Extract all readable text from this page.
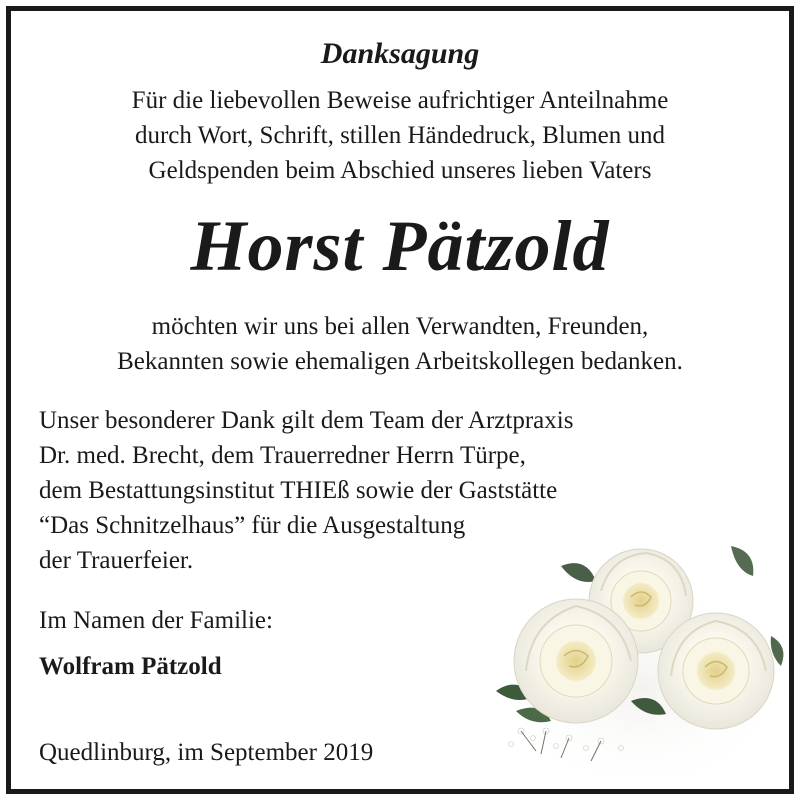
Danksagung
Für die liebevollen Beweise aufrichtiger Anteilnahme
durch Wort, Schrift, stillen Händedruck, Blumen und
Geldspenden beim Abschied unseres lieben Vaters
Horst Pätzold
möchten wir uns bei allen Verwandten, Freunden,
Bekannten sowie ehemaligen Arbeitskollegen bedanken.
Unser besonderer Dank gilt dem Team der Arztpraxis
Dr. med. Brecht, dem Trauerredner Herrn Türpe,
dem Bestattungsinstitut THIEß sowie der Gaststätte
“Das Schnitzelhaus” für die Ausgestaltung
der Trauerfeier.
Im Namen der Familie:
Wolfram Pätzold
Quedlinburg, im September 2019
